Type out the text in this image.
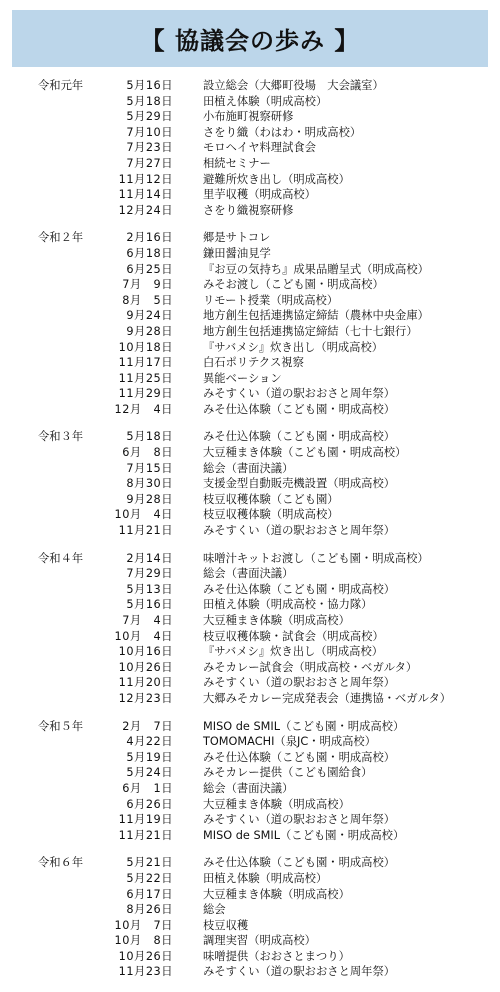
【 協議会の歩み 】
令和元年	5月16日	設立総会（大郷町役場　大会議室）
5月18日	田植え体験（明成高校）
5月29日	小布施町視察研修
7月10日	さをり織（わはわ・明成高校）
7月23日	モロヘイヤ料理試食会
7月27日	相続セミナー
11月12日	避難所炊き出し（明成高校）
11月14日	里芋収穫（明成高校）
12月24日	さをり織視察研修
令和２年	2月16日	郷是サトコレ
6月18日	鎌田醤油見学
6月25日	『お豆の気持ち』成果品贈呈式（明成高校）
7月　9日	みそお渡し（こども園・明成高校）
8月　5日	リモート授業（明成高校）
9月24日	地方創生包括連携協定締結（農林中央金庫）
9月28日	地方創生包括連携協定締結（七十七銀行）
10月18日	『サバメシ』炊き出し（明成高校）
11月17日	白石ポリテクス視察
11月25日	異能ベーション
11月29日	みそすくい（道の駅おおさと周年祭）
12月　4日	みそ仕込体験（こども園・明成高校）
令和３年	5月18日	みそ仕込体験（こども園・明成高校）
6月　8日	大豆種まき体験（こども園・明成高校）
7月15日	総会（書面決議）
8月30日	支援金型自動販売機設置（明成高校）
9月28日	枝豆収穫体験（こども園）
10月　4日	枝豆収穫体験（明成高校）
11月21日	みそすくい（道の駅おおさと周年祭）
令和４年	2月14日	味噌汁キットお渡し（こども園・明成高校）
7月29日	総会（書面決議）
5月13日	みそ仕込体験（こども園・明成高校）
5月16日	田植え体験（明成高校・協力隊）
7月　4日	大豆種まき体験（明成高校）
10月　4日	枝豆収穫体験・試食会（明成高校）
10月16日	『サバメシ』炊き出し（明成高校）
10月26日	みそカレー試食会（明成高校・ベガルタ）
11月20日	みそすくい（道の駅おおさと周年祭）
12月23日	大郷みそカレー完成発表会（連携協・ベガルタ）
令和５年	2月　7日	MISO de SMIL（こども園・明成高校）
4月22日	TOMOMACHI（泉JC・明成高校）
5月19日	みそ仕込体験（こども園・明成高校）
5月24日	みそカレー提供（こども園給食）
6月　1日	総会（書面決議）
6月26日	大豆種まき体験（明成高校）
11月19日	みそすくい（道の駅おおさと周年祭）
11月21日	MISO de SMIL（こども園・明成高校）
令和６年	5月21日	みそ仕込体験（こども園・明成高校）
5月22日	田植え体験（明成高校）
6月17日	大豆種まき体験（明成高校）
8月26日	総会
10月　7日	枝豆収穫
10月　8日	調理実習（明成高校）
10月26日	味噌提供（おおさとまつり）
11月23日	みそすくい（道の駅おおさと周年祭）
